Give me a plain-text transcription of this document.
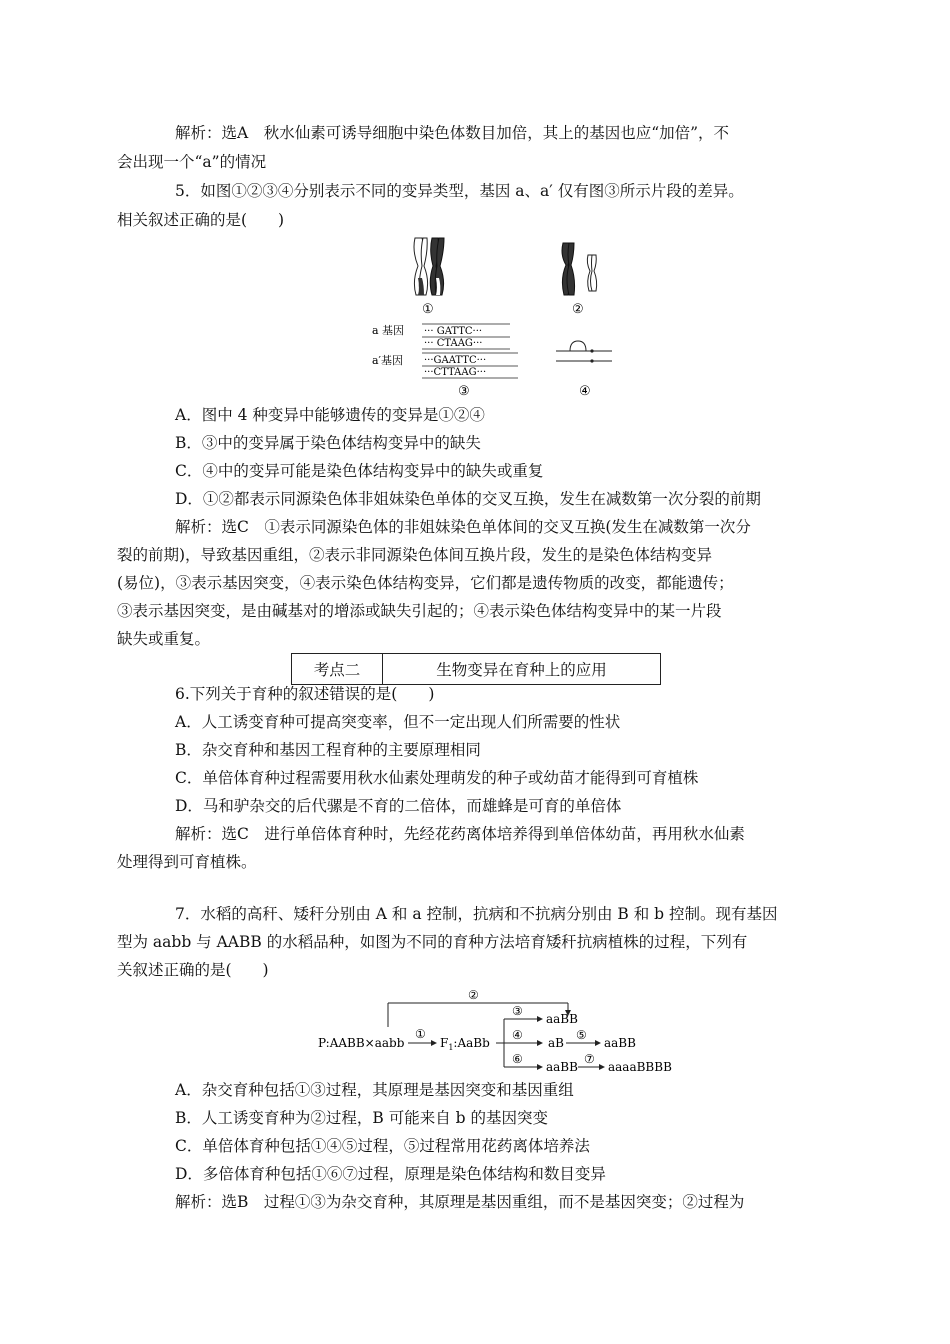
解析：选A　秋水仙素可诱导细胞中染色体数目加倍，其上的基因也应“加倍”，不
会出现一个“a”的情况
5．如图①②③④分别表示不同的变异类型，基因 a、a′ 仅有图③所示片段的差异。
相关叙述正确的是(　　)
①	②
a 基因 ··· GATTC···
··· CTAAG···
a′基因 ···GAATTC···
···CTTAAG···
③	④
A．图中 4 种变异中能够遗传的变异是①②④
B．③中的变异属于染色体结构变异中的缺失
C．④中的变异可能是染色体结构变异中的缺失或重复
D．①②都表示同源染色体非姐妹染色单体的交叉互换，发生在减数第一次分裂的前期
解析：选C　①表示同源染色体的非姐妹染色单体间的交叉互换(发生在减数第一次分
裂的前期)，导致基因重组，②表示非同源染色体间互换片段，发生的是染色体结构变异
(易位)，③表示基因突变，④表示染色体结构变异，它们都是遗传物质的改变，都能遗传；
③表示基因突变，是由碱基对的增添或缺失引起的；④表示染色体结构变异中的某一片段
缺失或重复。
考点二	生物变异在育种上的应用
6.下列关于育种的叙述错误的是(　　)
A．人工诱变育种可提高突变率，但不一定出现人们所需要的性状
B．杂交育种和基因工程育种的主要原理相同
C．单倍体育种过程需要用秋水仙素处理萌发的种子或幼苗才能得到可育植株
D．马和驴杂交的后代骡是不育的二倍体，而雄蜂是可育的单倍体
解析：选C　进行单倍体育种时，先经花药离体培养得到单倍体幼苗，再用秋水仙素
处理得到可育植株。
7．水稻的高秆、矮秆分别由 A 和 a 控制，抗病和不抗病分别由 B 和 b 控制。现有基因
型为 aabb 与 AABB 的水稻品种，如图为不同的育种方法培育矮秆抗病植株的过程，下列有
关叙述正确的是(　　)
②
P:AABB×aabb
①
$F_1:AaBb$
③
aaBB
④
aB
⑤
aaBB
⑥
aaBB
⑦
aaaaBBBB
A．杂交育种包括①③过程，其原理是基因突变和基因重组
B．人工诱变育种为②过程，B 可能来自 b 的基因突变
C．单倍体育种包括①④⑤过程，⑤过程常用花药离体培养法
D．多倍体育种包括①⑥⑦过程，原理是染色体结构和数目变异
解析：选B　过程①③为杂交育种，其原理是基因重组，而不是基因突变；②过程为
